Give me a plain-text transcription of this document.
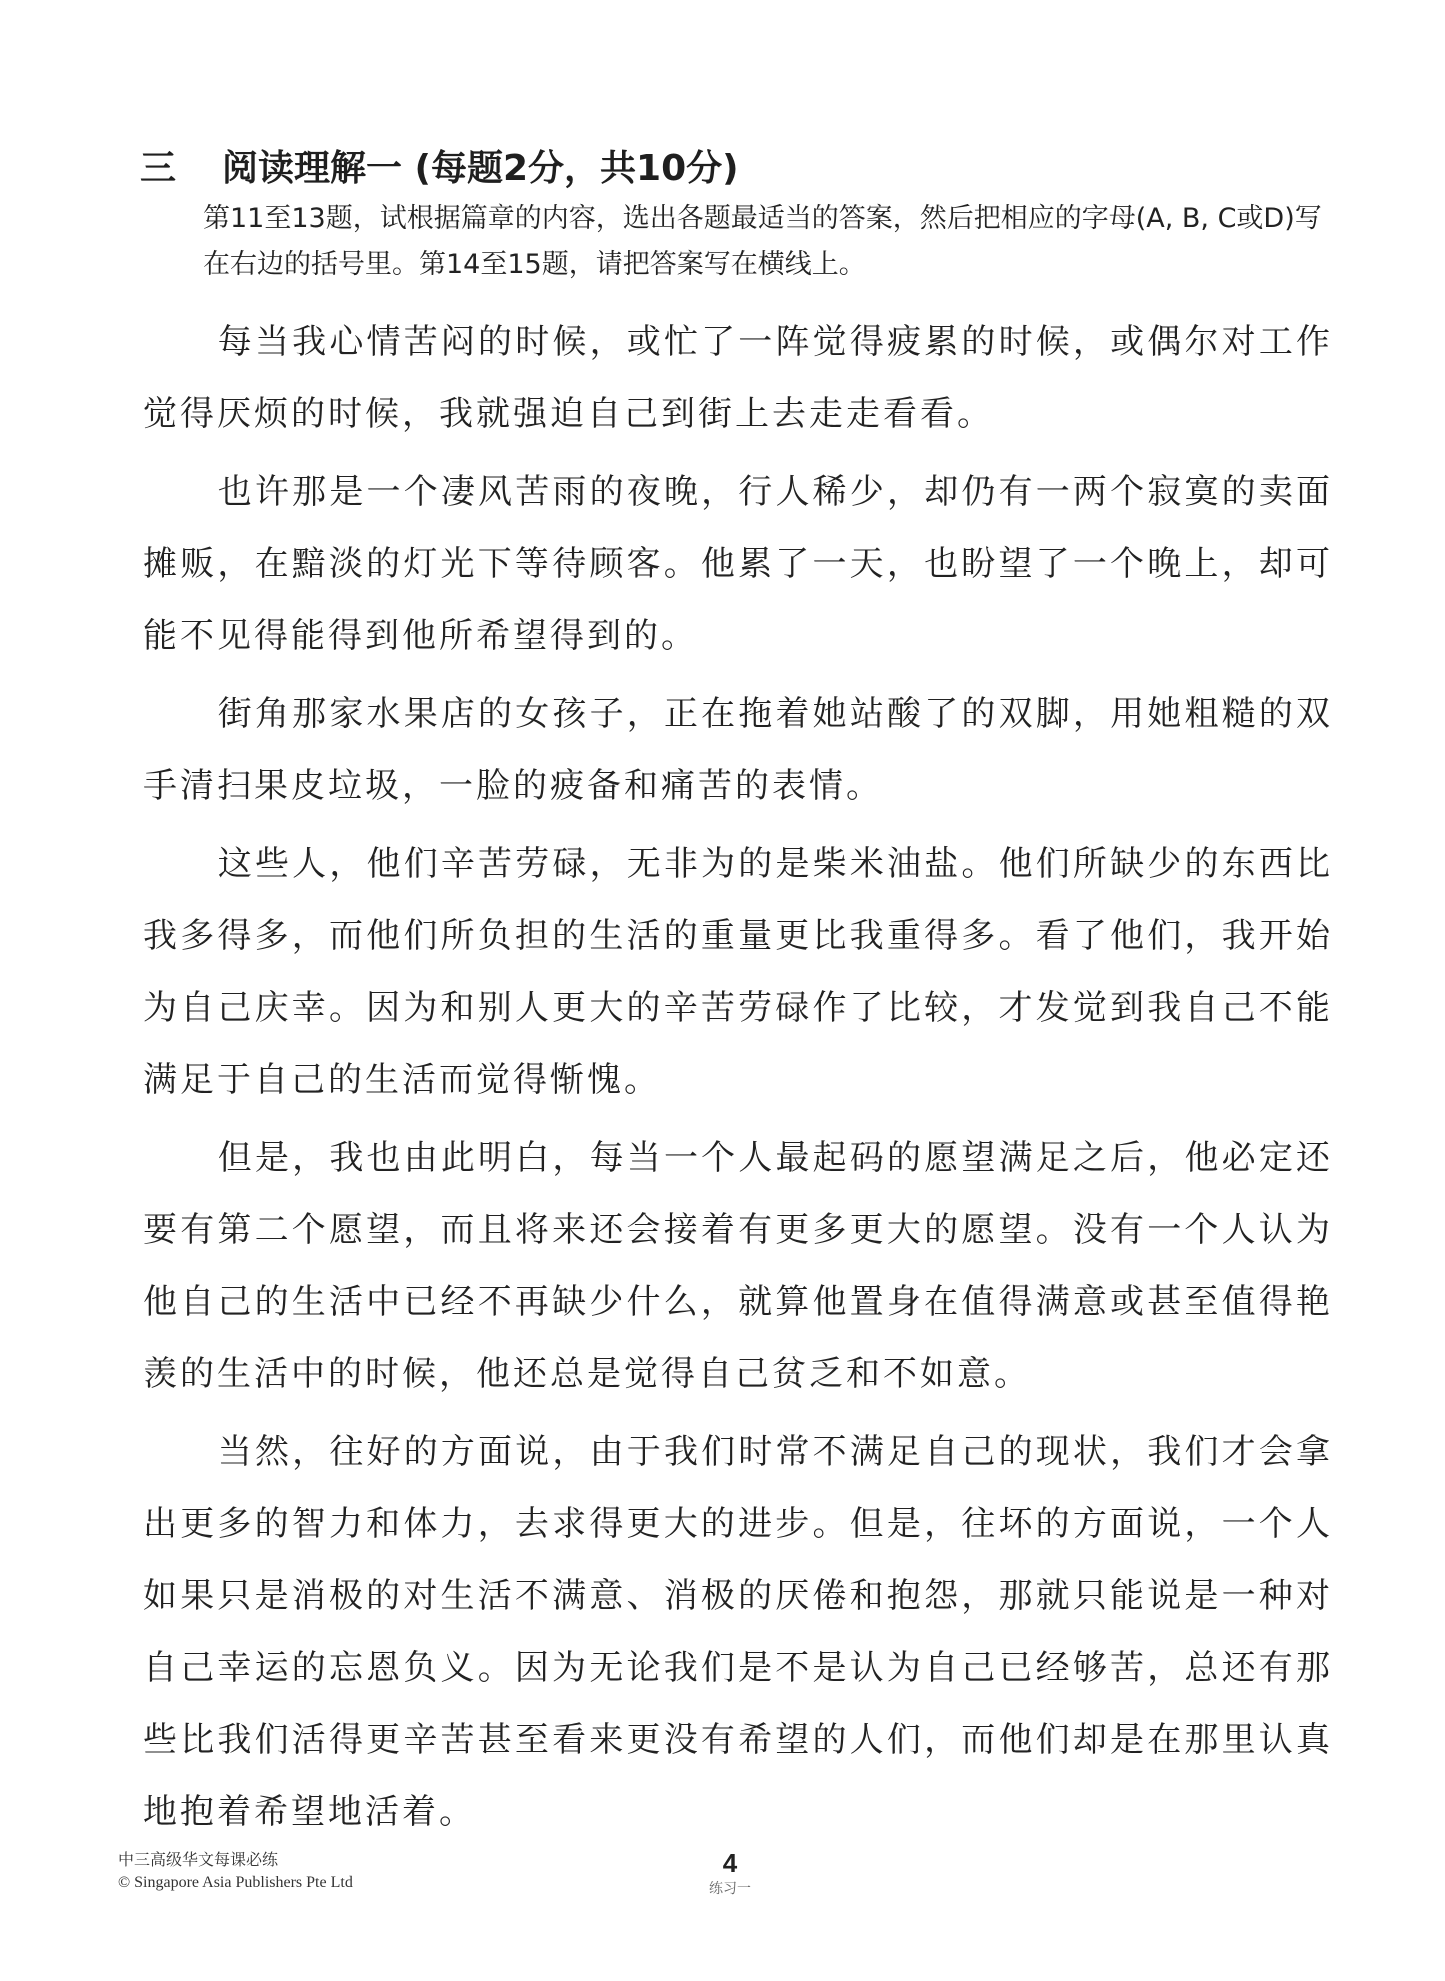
三 阅读理解一 (每题2分，共10分)
第11至13题，试根据篇章的内容，选出各题最适当的答案，然后把相应的字母(A, B, C或D)写在右边的括号里。第14至15题，请把答案写在横线上。

每当我心情苦闷的时候，或忙了一阵觉得疲累的时候，或偶尔对工作觉得厌烦的时候，我就强迫自己到街上去走走看看。

也许那是一个凄风苦雨的夜晚，行人稀少，却仍有一两个寂寞的卖面摊贩，在黯淡的灯光下等待顾客。他累了一天，也盼望了一个晚上，却可能不见得能得到他所希望得到的。

街角那家水果店的女孩子，正在拖着她站酸了的双脚，用她粗糙的双手清扫果皮垃圾，一脸的疲备和痛苦的表情。

这些人，他们辛苦劳碌，无非为的是柴米油盐。他们所缺少的东西比我多得多，而他们所负担的生活的重量更比我重得多。看了他们，我开始为自己庆幸。因为和别人更大的辛苦劳碌作了比较，才发觉到我自己不能满足于自己的生活而觉得惭愧。

但是，我也由此明白，每当一个人最起码的愿望满足之后，他必定还要有第二个愿望，而且将来还会接着有更多更大的愿望。没有一个人认为他自己的生活中已经不再缺少什么，就算他置身在值得满意或甚至值得艳羡的生活中的时候，他还总是觉得自己贫乏和不如意。

当然，往好的方面说，由于我们时常不满足自己的现状，我们才会拿出更多的智力和体力，去求得更大的进步。但是，往坏的方面说，一个人如果只是消极的对生活不满意、消极的厌倦和抱怨，那就只能说是一种对自己幸运的忘恩负义。因为无论我们是不是认为自己已经够苦，总还有那些比我们活得更辛苦甚至看来更没有希望的人们，而他们却是在那里认真地抱着希望地活着。

中三高级华文每课必练
© Singapore Asia Publishers Pte Ltd
4
练习一
